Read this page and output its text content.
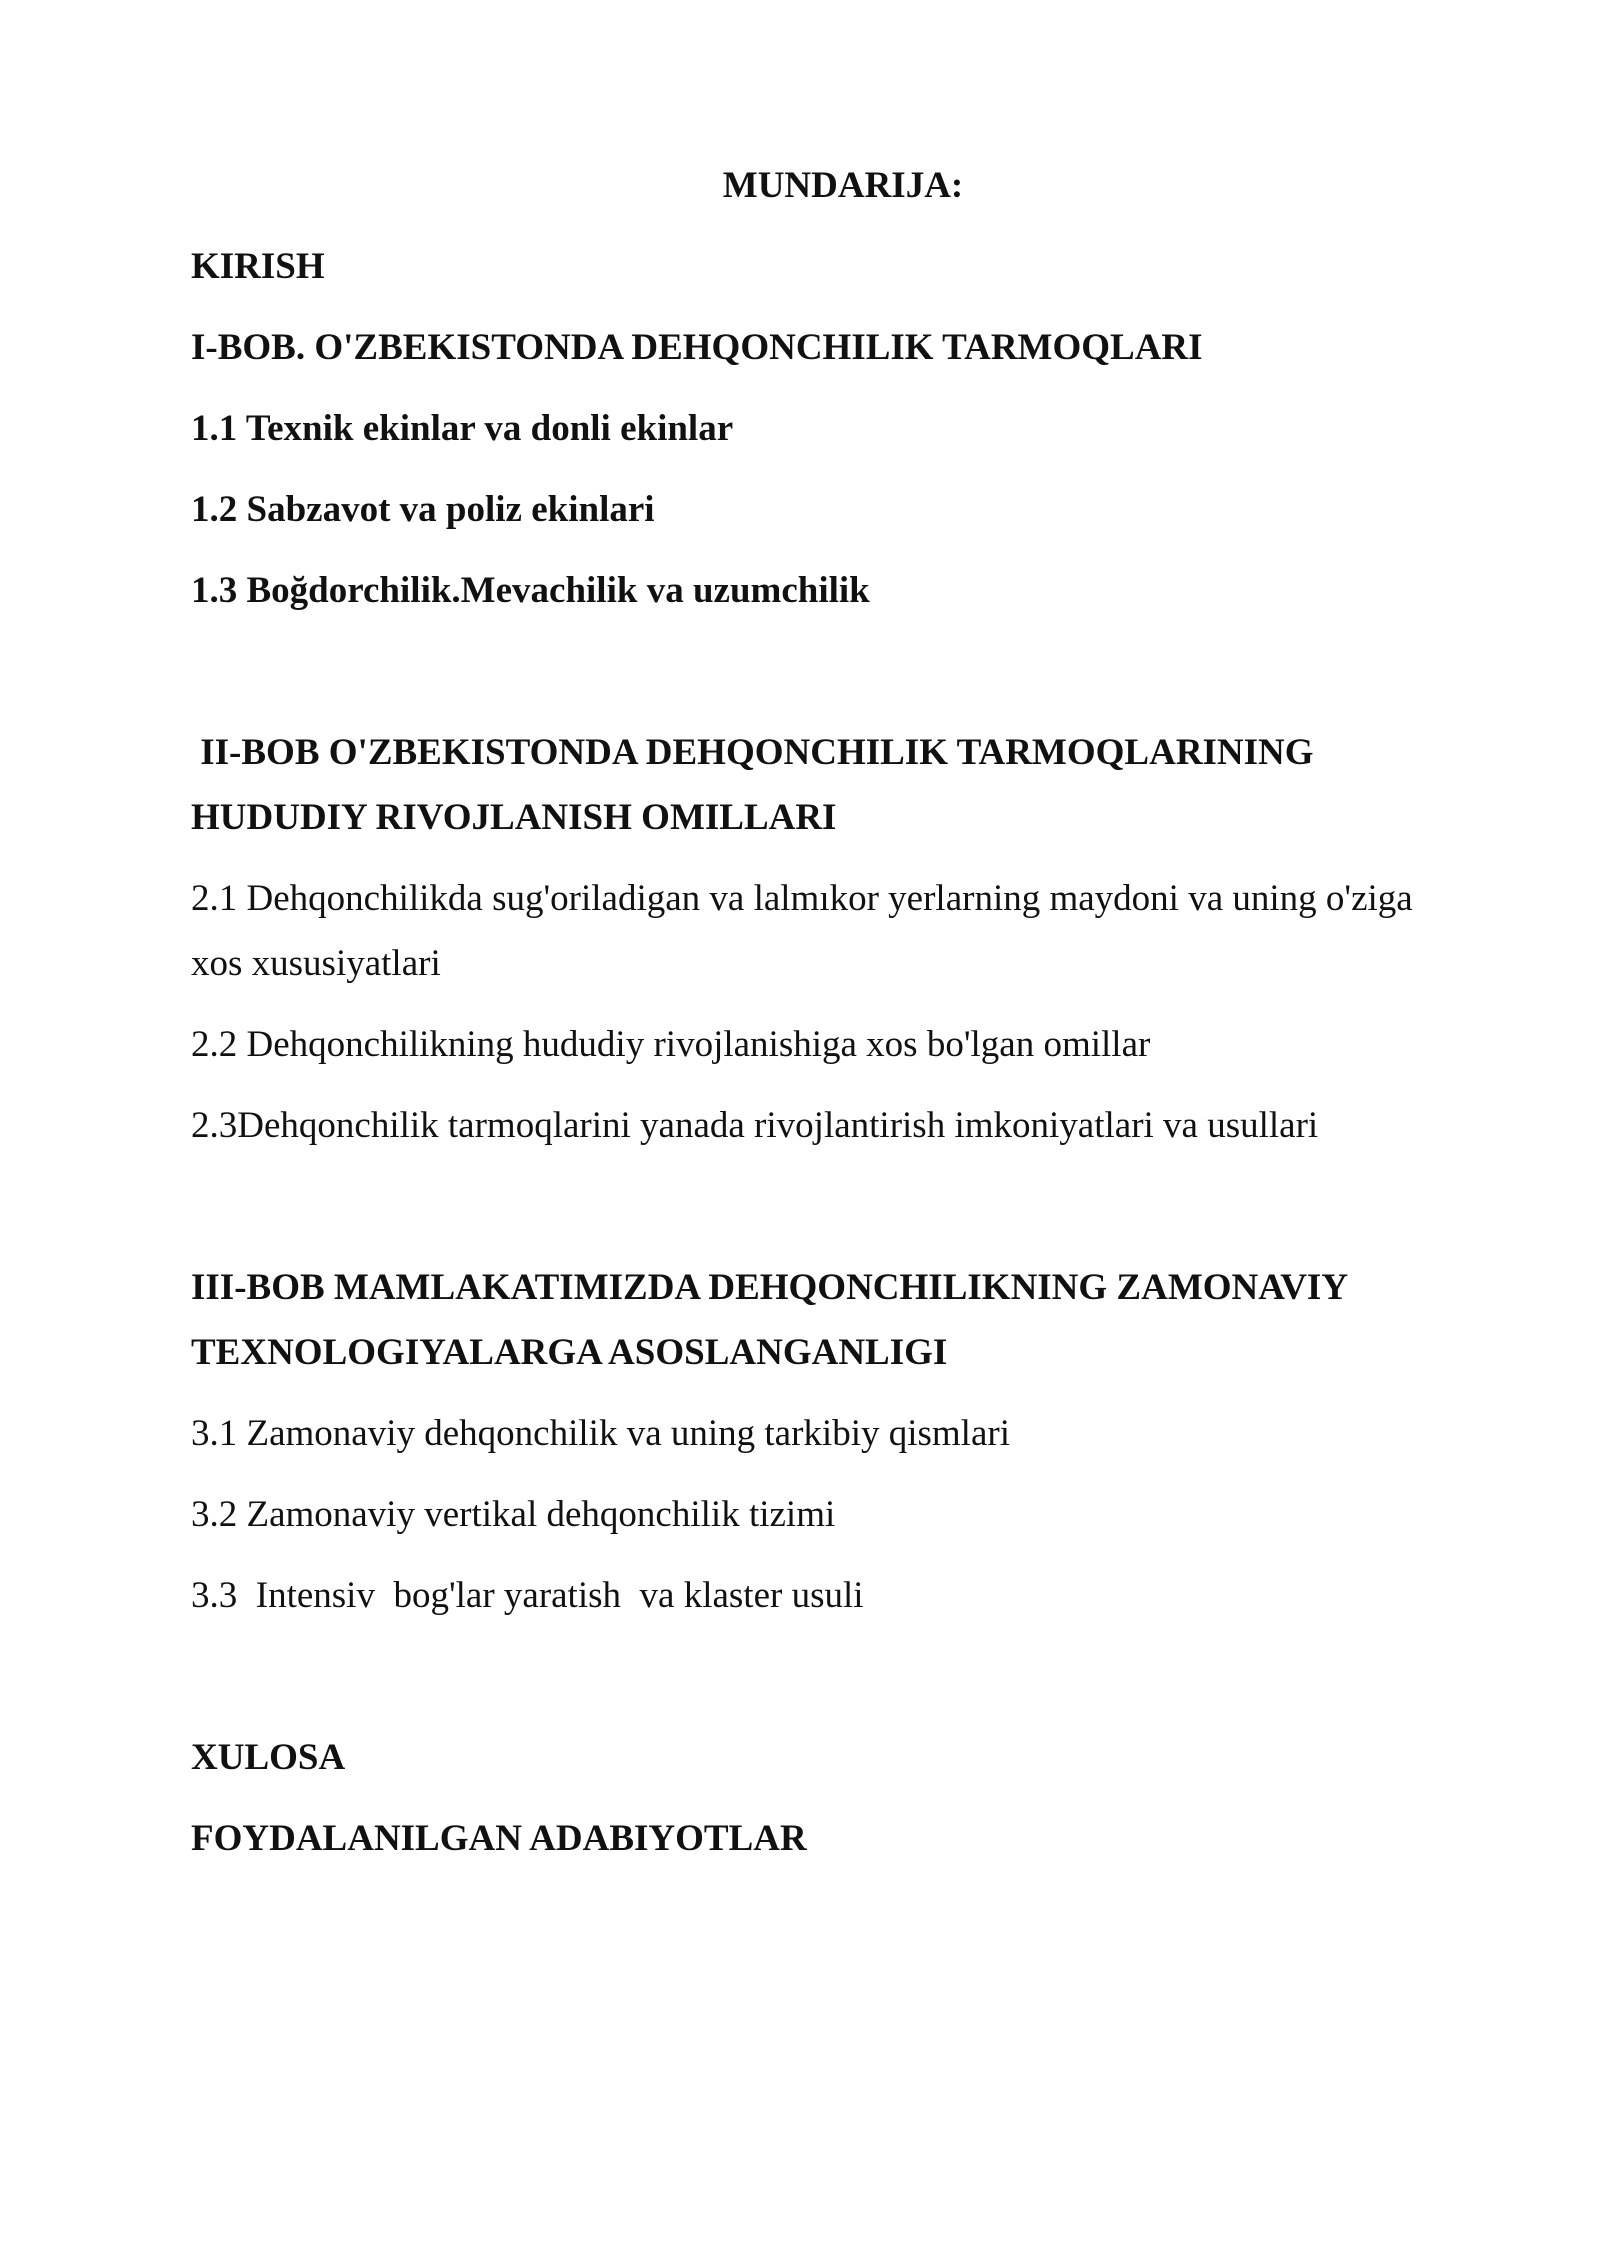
MUNDARIJA:

KIRISH

I-BOB. O'ZBEKISTONDA DEHQONCHILIK TARMOQLARI

1.1 Texnik ekinlar va donli ekinlar

1.2 Sabzavot va poliz ekinlari

1.3 Boğdorchilik.Mevachilik va uzumchilik

II-BOB O'ZBEKISTONDA DEHQONCHILIK TARMOQLARINING

HUDUDIY RIVOJLANISH OMILLARI

2.1 Dehqonchilikda sug'oriladigan va lalmıkor yerlarning maydoni va uning o'ziga

xos xususiyatlari

2.2 Dehqonchilikning hududiy rivojlanishiga xos bo'lgan omillar

2.3Dehqonchilik tarmoqlarini yanada rivojlantirish imkoniyatlari va usullari

III-BOB MAMLAKATIMIZDA DEHQONCHILIKNING ZAMONAVIY

TEXNOLOGIYALARGA ASOSLANGANLIGI

3.1 Zamonaviy dehqonchilik va uning tarkibiy qismlari

3.2 Zamonaviy vertikal dehqonchilik tizimi

3.3  Intensiv  bog'lar yaratish  va klaster usuli

XULOSA

FOYDALANILGAN ADABIYOTLAR
